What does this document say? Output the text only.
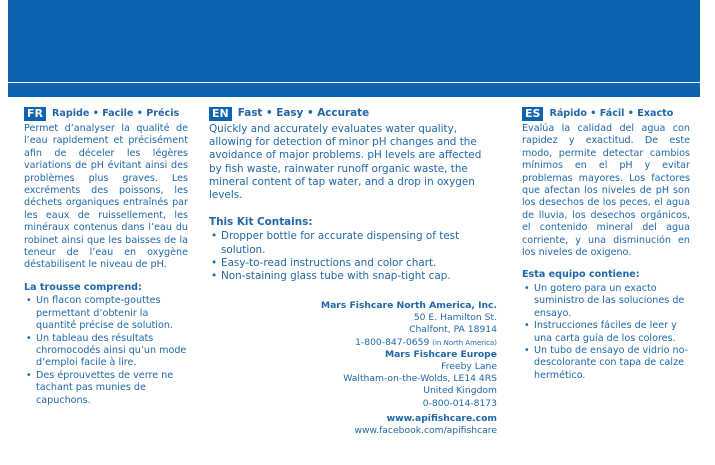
FR Rapide • Facile • Précis
Permet d’analyser la qualité de l’eau rapidement et précisément afin de déceler les légères variations de pH évitant ainsi des problèmes plus graves. Les excréments des poissons, les déchets organiques entraînés par les eaux de ruissellement, les minéraux contenus dans l’eau du robinet ainsi que les baisses de la teneur de l’eau en oxygène déstabilisent le niveau de pH.
La trousse comprend:
• Un flacon compte-gouttes permettant d’obtenir la quantité précise de solution.
• Un tableau des résultats chromocodés ainsi qu’un mode d’emploi facile à lire.
• Des éprouvettes de verre ne tachant pas munies de capuchons.
EN Fast • Easy • Accurate
Quickly and accurately evaluates water quality, allowing for detection of minor pH changes and the avoidance of major problems. pH levels are affected by fish waste, rainwater runoff organic waste, the mineral content of tap water, and a drop in oxygen levels.
This Kit Contains:
• Dropper bottle for accurate dispensing of test solution.
• Easy-to-read instructions and color chart.
• Non-staining glass tube with snap-tight cap.
Mars Fishcare North America, Inc.
50 E. Hamilton St.
Chalfont, PA 18914
1-800-847-0659 (in North America)
Mars Fishcare Europe
Freeby Lane
Waltham-on-the-Wolds, LE14 4RS
United Kingdom
0-800-014-8173
www.apifishcare.com
www.facebook.com/apifishcare
ES Rápido • Fácil • Exacto
Evalúa la calidad del agua con rapidez y exactitud. De este modo, permite detectar cambios mínimos en el pH y evitar problemas mayores. Los factores que afectan los niveles de pH son los desechos de los peces, el agua de lluvia, los desechos orgánicos, el contenido mineral del agua corriente, y una disminución en los niveles de oxigeno.
Esta equipo contiene:
• Un gotero para un exacto suministro de las soluciones de ensayo.
• Instrucciones fáciles de leer y una carta guía de los colores.
• Un tubo de ensayo de vidrio no-descolorante con tapa de calze hermético.
